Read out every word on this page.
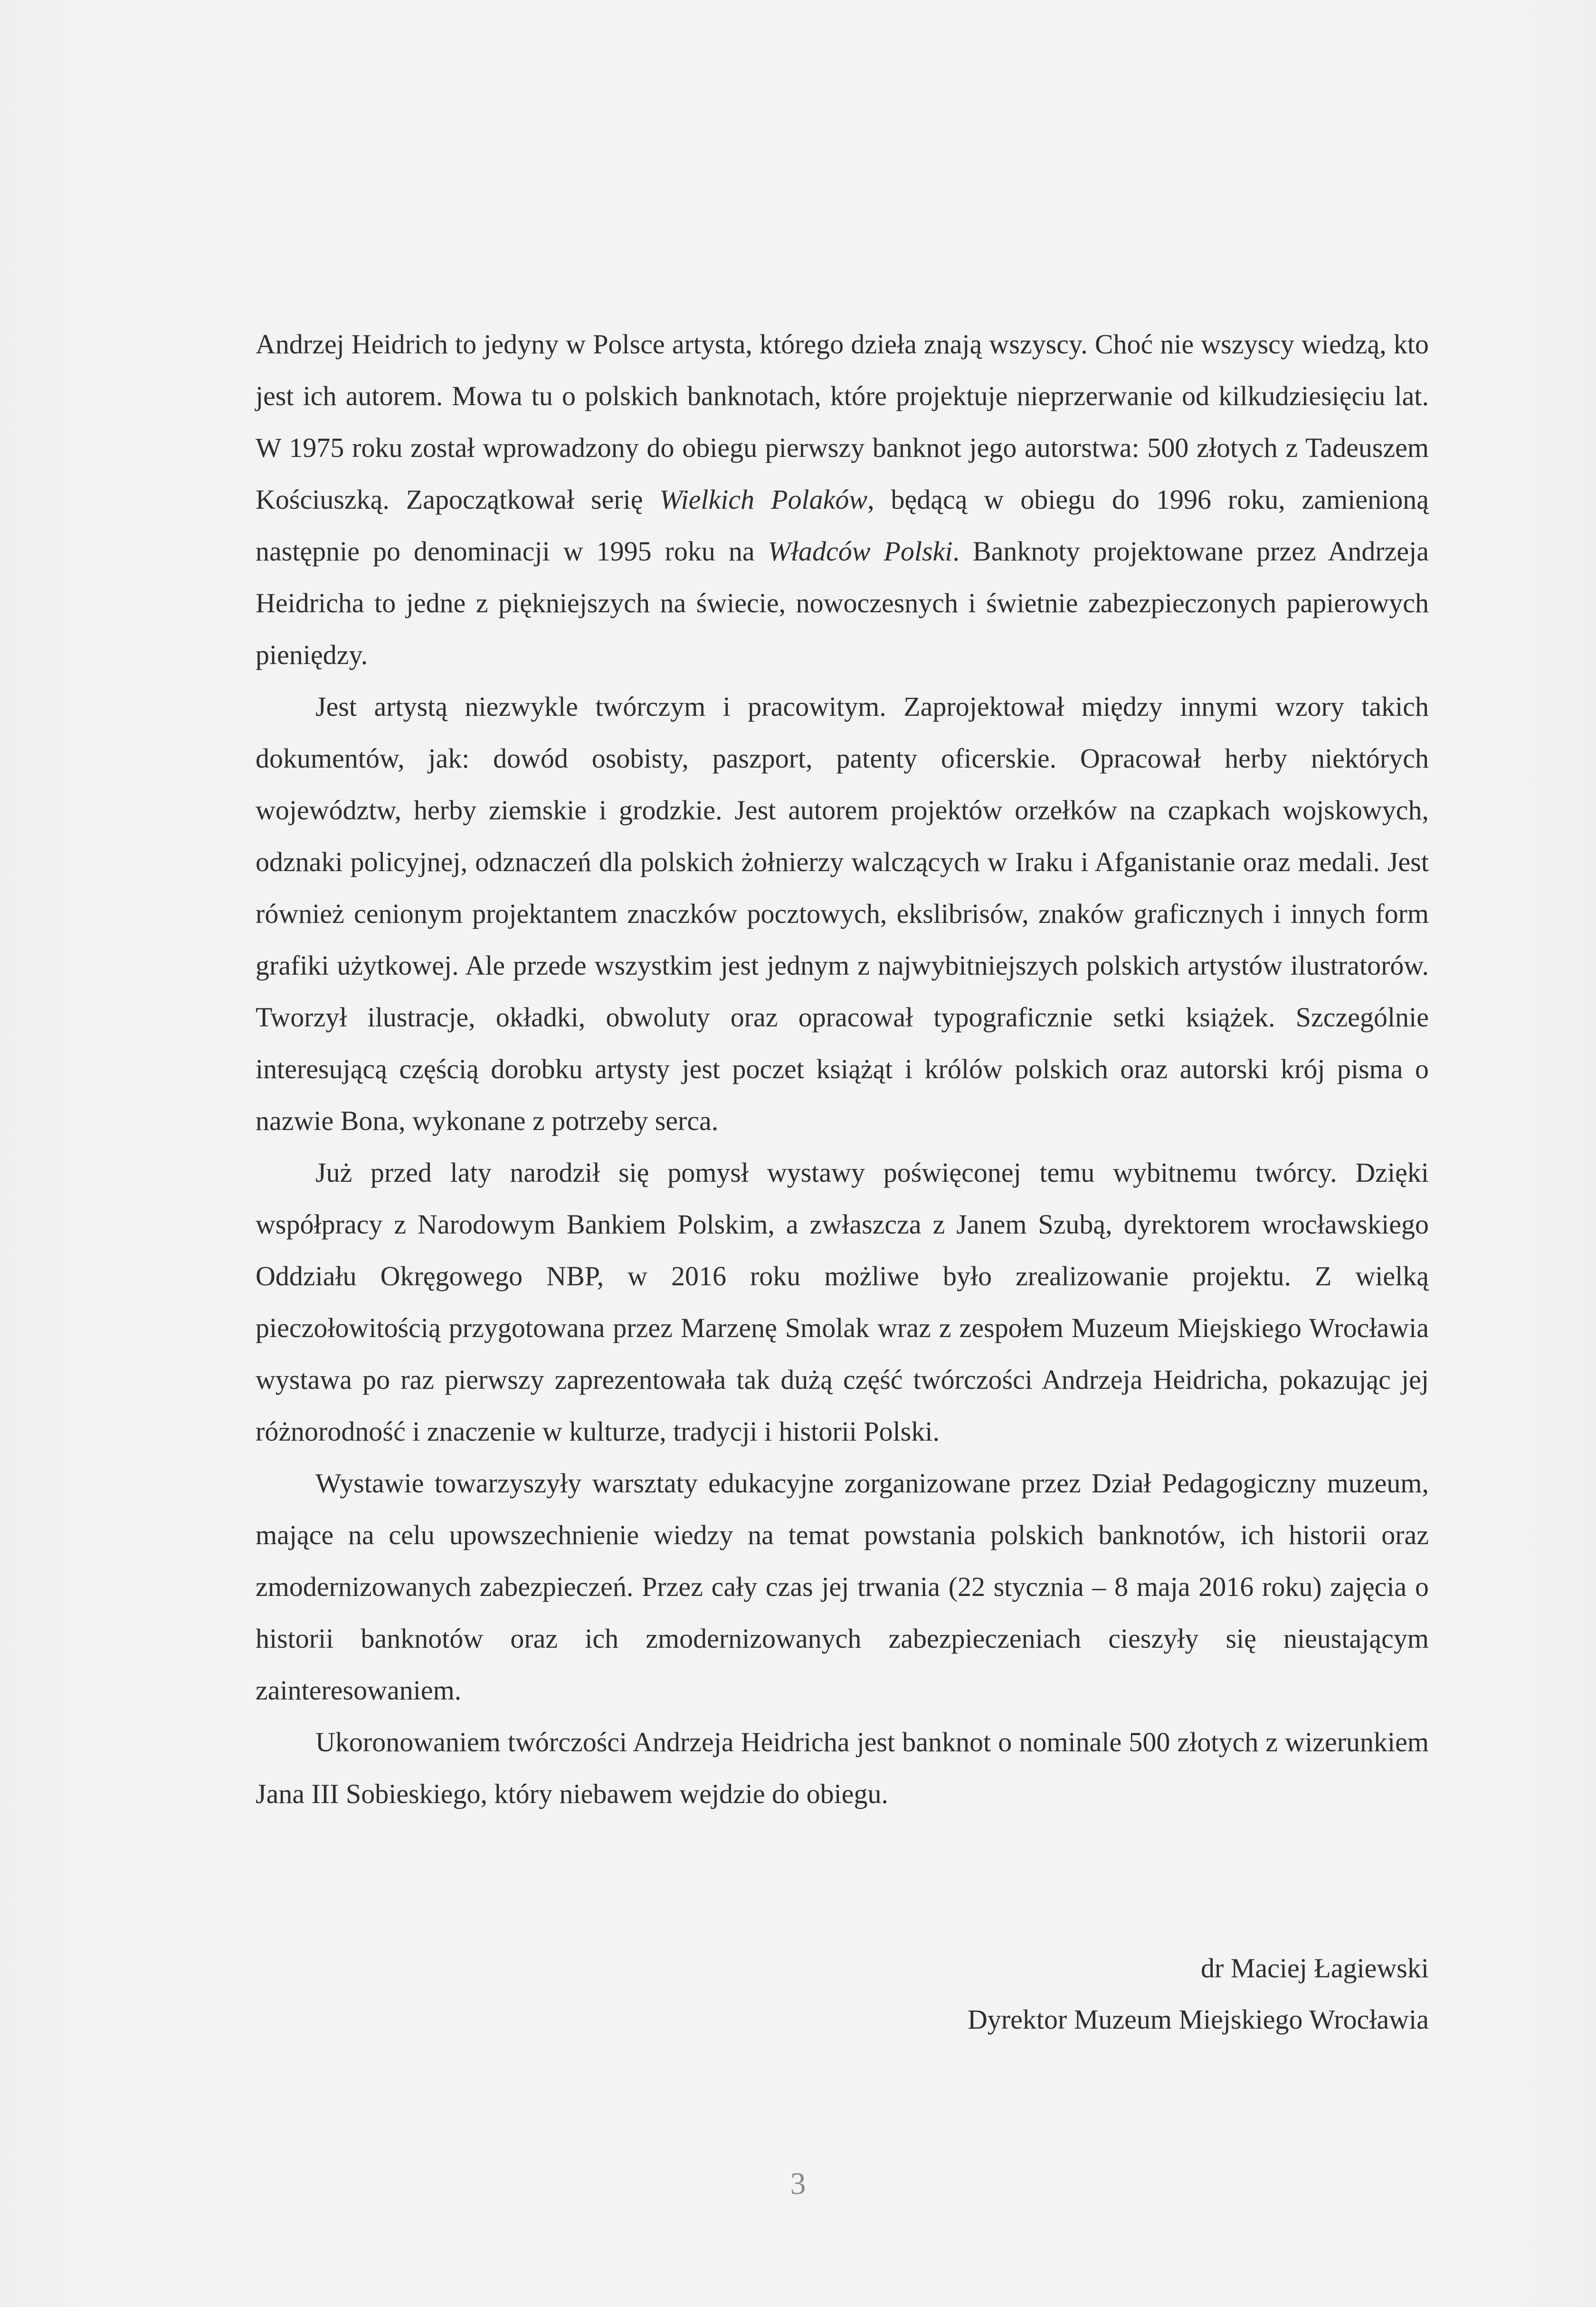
Andrzej Heidrich to jedyny w Polsce artysta, którego dzieła znają wszyscy. Choć nie wszyscy wiedzą, kto jest ich autorem. Mowa tu o polskich banknotach, które projektuje nieprzerwanie od kilkudziesięciu lat. W 1975 roku został wprowadzony do obiegu pierwszy banknot jego autorstwa: 500 złotych z Tadeuszem Kościuszką. Zapoczątkował serię Wielkich Polaków, będącą w obiegu do 1996 roku, zamienioną następnie po denominacji w 1995 roku na Władców Polski. Banknoty projektowane przez Andrzeja Heidricha to jedne z piękniejszych na świecie, nowoczesnych i świetnie zabezpieczonych papierowych pieniędzy.

Jest artystą niezwykle twórczym i pracowitym. Zaprojektował między innymi wzory takich dokumentów, jak: dowód osobisty, paszport, patenty oficerskie. Opracował herby niektórych województw, herby ziemskie i grodzkie. Jest autorem projektów orzełków na czapkach wojskowych, odznaki policyjnej, odznaczeń dla polskich żołnierzy walczących w Iraku i Afganistanie oraz medali. Jest również cenionym projektantem znaczków pocztowych, ekslibrisów, znaków graficznych i innych form grafiki użytkowej. Ale przede wszystkim jest jednym z najwybitniejszych polskich artystów ilustratorów. Tworzył ilustracje, okładki, obwoluty oraz opracował typograficznie setki książek. Szczególnie interesującą częścią dorobku artysty jest poczet książąt i królów polskich oraz autorski krój pisma o nazwie Bona, wykonane z potrzeby serca.

Już przed laty narodził się pomysł wystawy poświęconej temu wybitnemu twórcy. Dzięki współpracy z Narodowym Bankiem Polskim, a zwłaszcza z Janem Szubą, dyrektorem wrocławskiego Oddziału Okręgowego NBP, w 2016 roku możliwe było zrealizowanie projektu. Z wielką pieczołowitością przygotowana przez Marzenę Smolak wraz z zespołem Muzeum Miejskiego Wrocławia wystawa po raz pierwszy zaprezentowała tak dużą część twórczości Andrzeja Heidricha, pokazując jej różnorodność i znaczenie w kulturze, tradycji i historii Polski.

Wystawie towarzyszyły warsztaty edukacyjne zorganizowane przez Dział Pedagogiczny muzeum, mające na celu upowszechnienie wiedzy na temat powstania polskich banknotów, ich historii oraz zmodernizowanych zabezpieczeń. Przez cały czas jej trwania (22 stycznia – 8 maja 2016 roku) zajęcia o historii banknotów oraz ich zmodernizowanych zabezpieczeniach cieszyły się nieustającym zainteresowaniem.

Ukoronowaniem twórczości Andrzeja Heidricha jest banknot o nominale 500 złotych z wizerunkiem Jana III Sobieskiego, który niebawem wejdzie do obiegu.

dr Maciej Łagiewski
Dyrektor Muzeum Miejskiego Wrocławia
3
